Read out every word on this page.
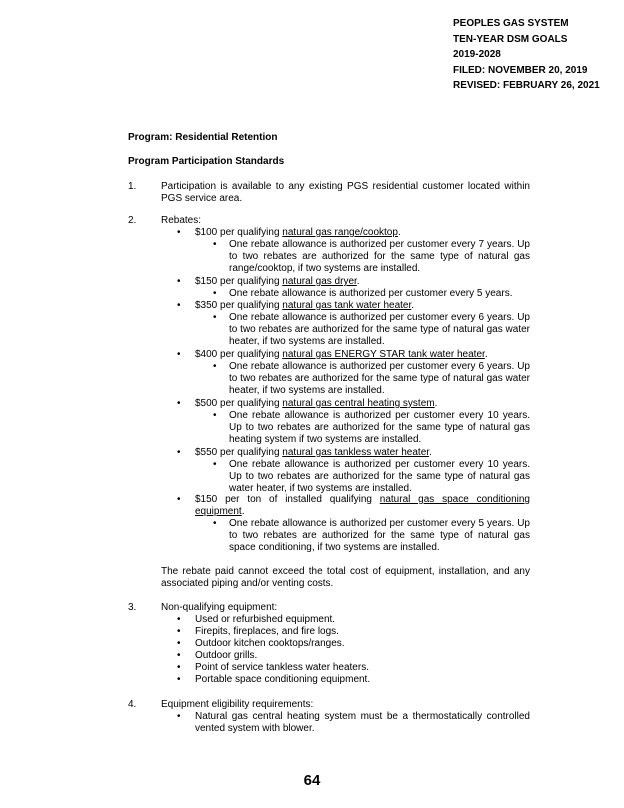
PEOPLES GAS SYSTEM
TEN-YEAR DSM GOALS
2019-2028
FILED: NOVEMBER 20, 2019
REVISED: FEBRUARY 26, 2021
Program: Residential Retention
Program Participation Standards
1. Participation is available to any existing PGS residential customer located within PGS service area.
2. Rebates:
• $100 per qualifying natural gas range/cooktop.
• One rebate allowance is authorized per customer every 7 years. Up to two rebates are authorized for the same type of natural gas range/cooktop, if two systems are installed.
• $150 per qualifying natural gas dryer.
• One rebate allowance is authorized per customer every 5 years.
• $350 per qualifying natural gas tank water heater.
• One rebate allowance is authorized per customer every 6 years. Up to two rebates are authorized for the same type of natural gas water heater, if two systems are installed.
• $400 per qualifying natural gas ENERGY STAR tank water heater.
• One rebate allowance is authorized per customer every 6 years. Up to two rebates are authorized for the same type of natural gas water heater, if two systems are installed.
• $500 per qualifying natural gas central heating system.
• One rebate allowance is authorized per customer every 10 years. Up to two rebates are authorized for the same type of natural gas heating system if two systems are installed.
• $550 per qualifying natural gas tankless water heater.
• One rebate allowance is authorized per customer every 10 years. Up to two rebates are authorized for the same type of natural gas water heater, if two systems are installed.
• $150 per ton of installed qualifying natural gas space conditioning equipment.
• One rebate allowance is authorized per customer every 5 years. Up to two rebates are authorized for the same type of natural gas space conditioning, if two systems are installed.
The rebate paid cannot exceed the total cost of equipment, installation, and any associated piping and/or venting costs.
3. Non-qualifying equipment:
• Used or refurbished equipment.
• Firepits, fireplaces, and fire logs.
• Outdoor kitchen cooktops/ranges.
• Outdoor grills.
• Point of service tankless water heaters.
• Portable space conditioning equipment.
4. Equipment eligibility requirements:
• Natural gas central heating system must be a thermostatically controlled vented system with blower.
64
